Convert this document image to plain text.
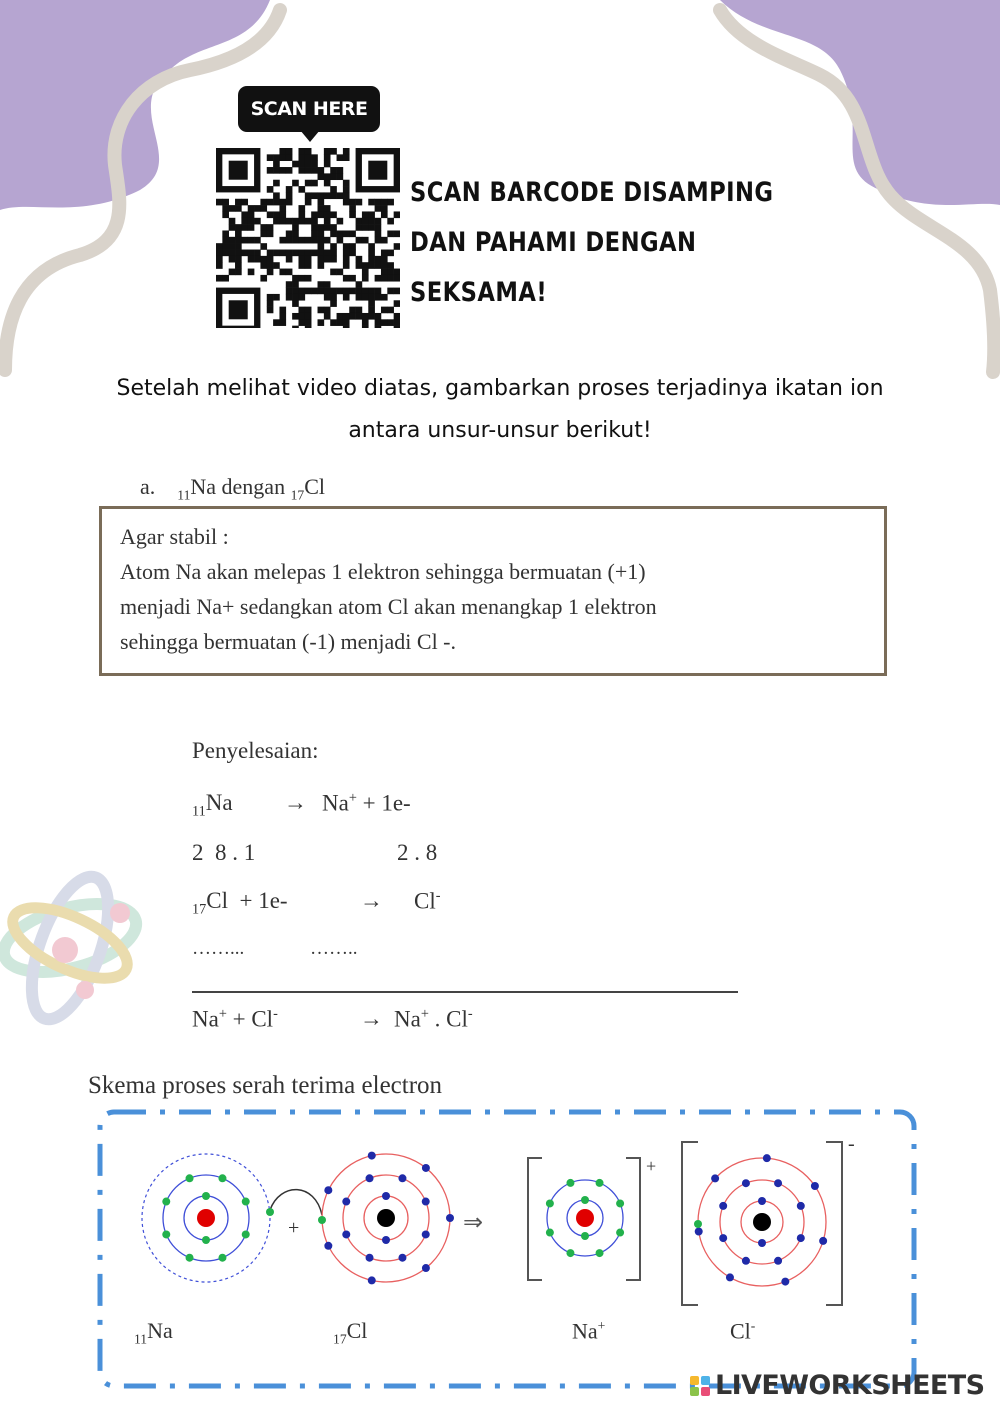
SCAN HERE
SCAN BARCODE DISAMPING
DAN PAHAMI DENGAN
SEKSAMA!
Setelah melihat video diatas, gambarkan proses terjadinya ikatan ion
antara unsur-unsur berikut!
a. $_{11}$Na dengan $_{17}$Cl
Agar stabil :
Atom Na akan melepas 1 elektron sehingga bermuatan (+1)
menjadi Na+ sedangkan atom Cl akan menangkap 1 elektron
sehingga bermuatan (-1) menjadi Cl -.
Penyelesaian:
$_{11}$Na → Na+ + 1e-
2  8 . 1	2 . 8
$_{17}$Cl  + 1e-	→ Cl-
……...	……..
Na+ + Cl-	→ Na+ . Cl-
Skema proses serah terima electron
+	⇒
+
-
$_{11}$Na	$_{17}$Cl	Na+	Cl-
LIVEWORKSHEETS
